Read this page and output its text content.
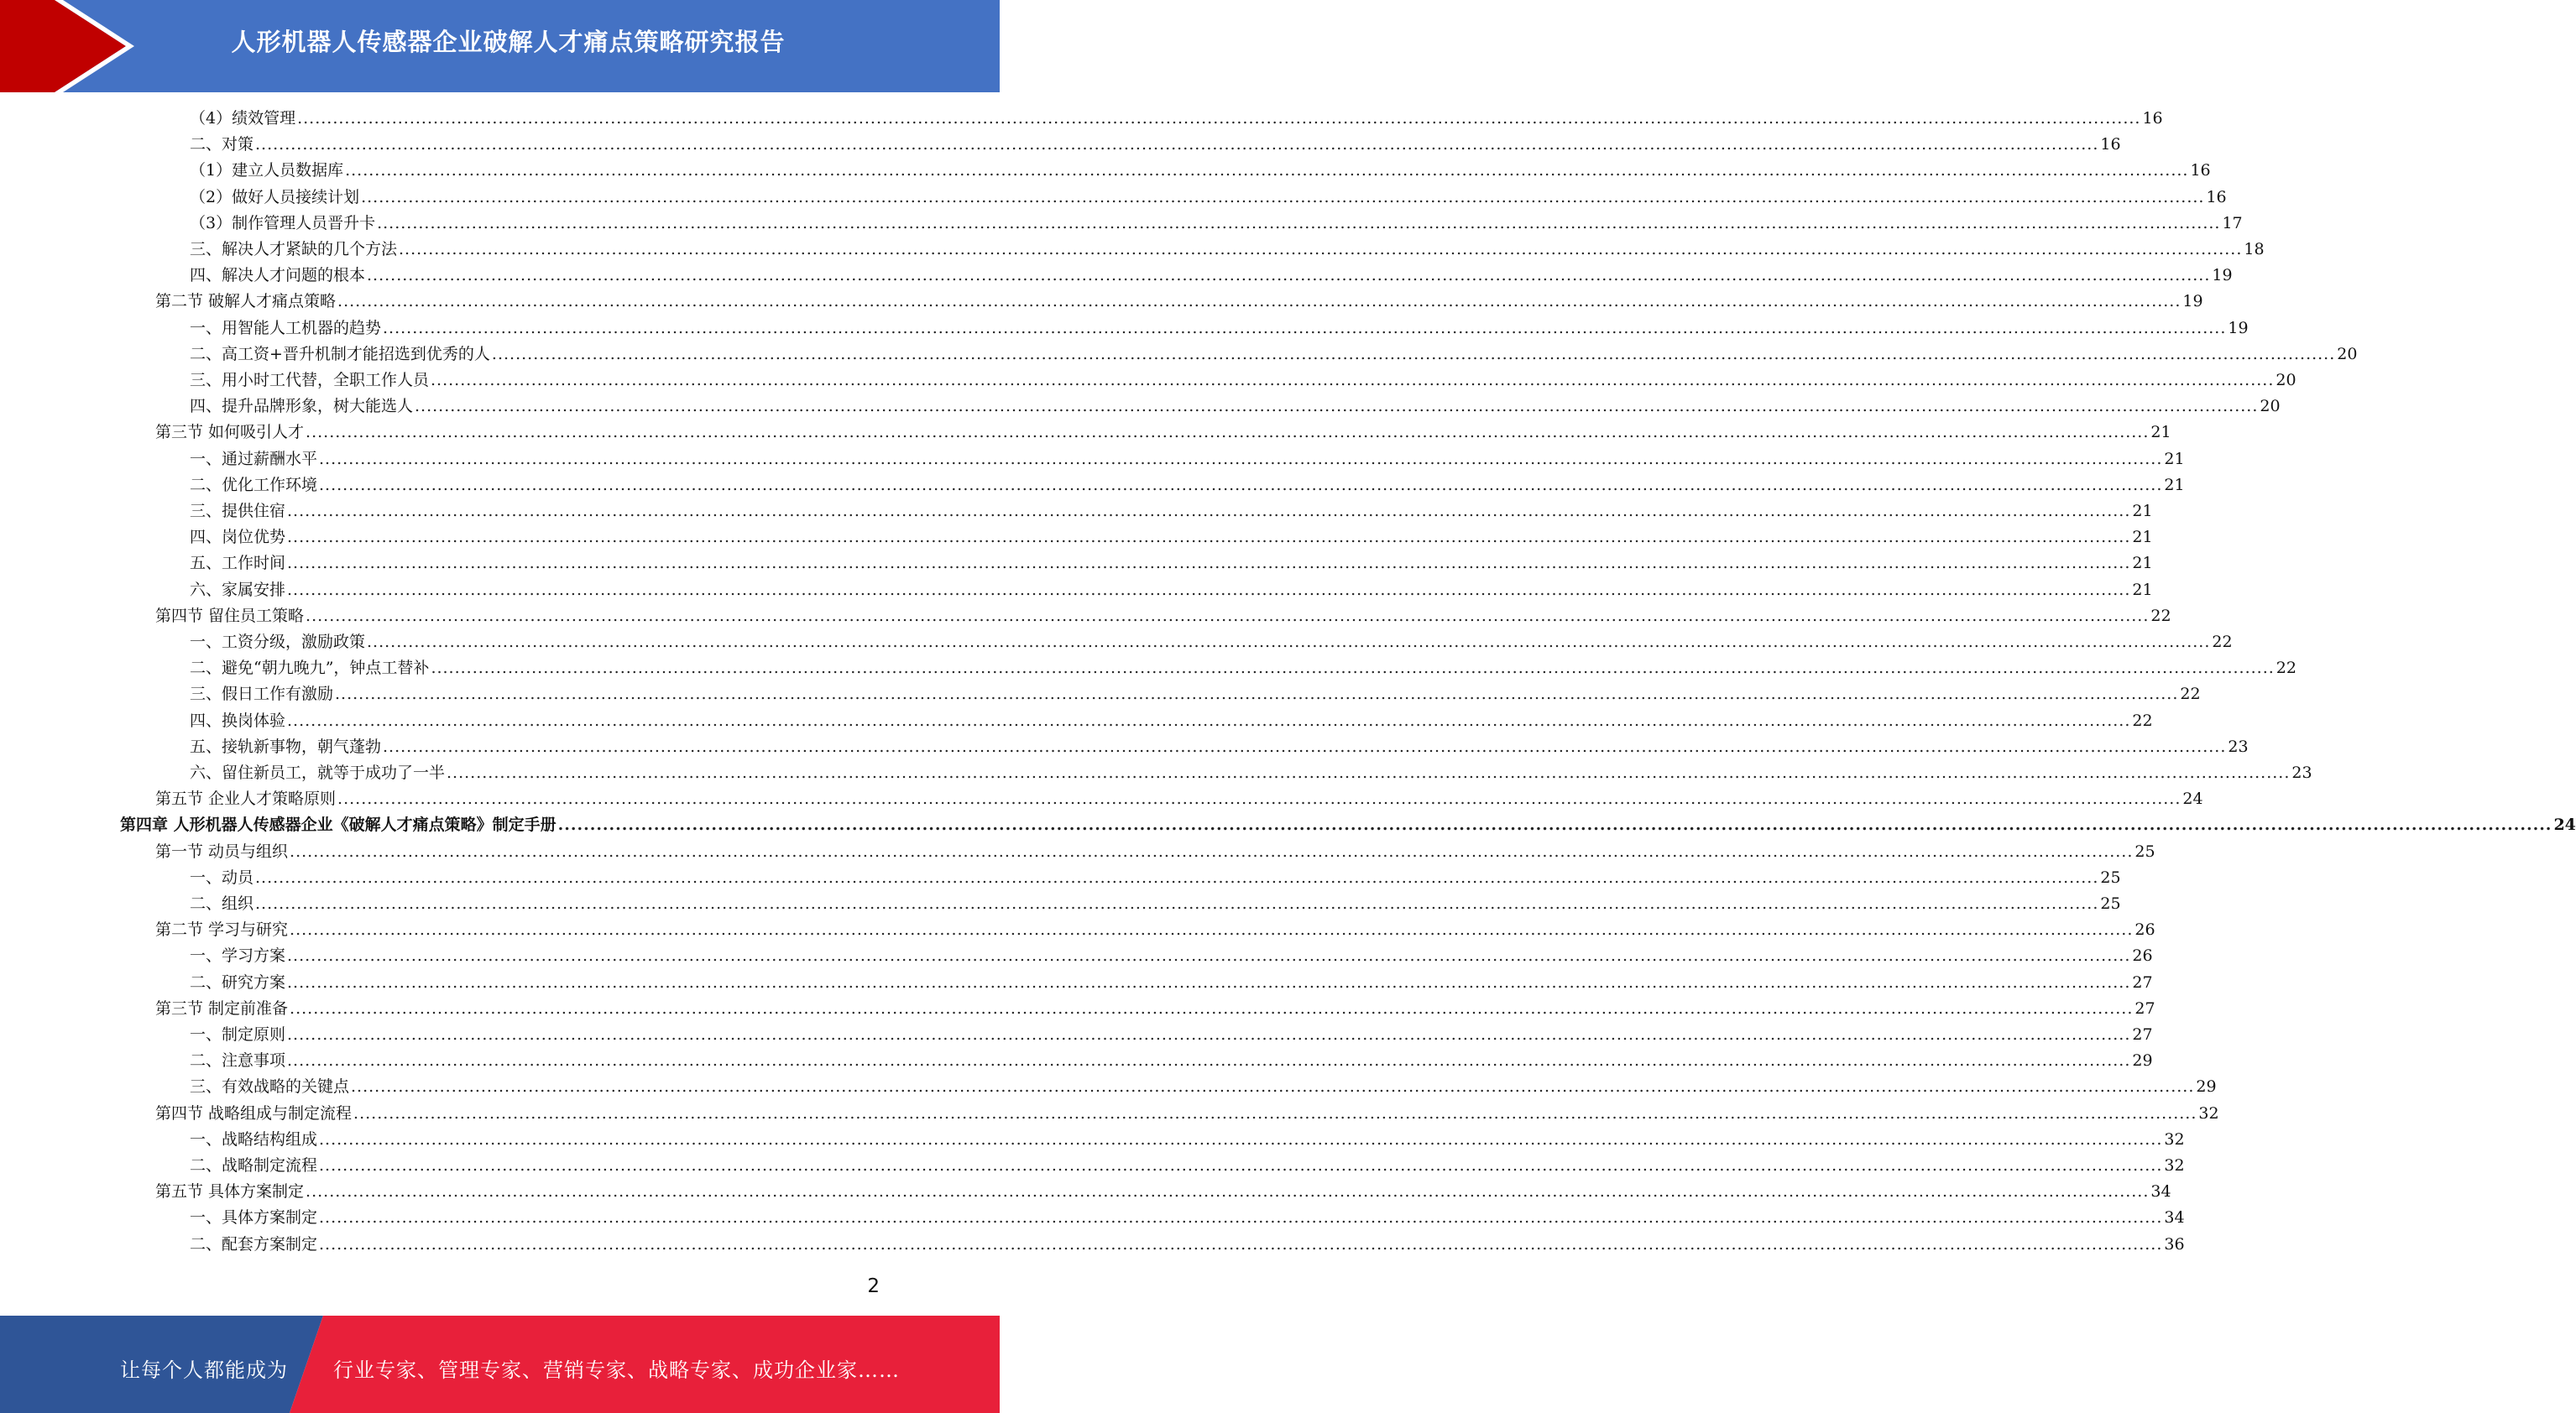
人形机器人传感器企业破解人才痛点策略研究报告
（4）绩效管理 .....	16
二、对策 .....	16
（1）建立人员数据库 .....	16
（2）做好人员接续计划 .....	16
（3）制作管理人员晋升卡 .....	17
三、解决人才紧缺的几个方法 .....	18
四、解决人才问题的根本 .....	19
第二节 破解人才痛点策略 .....	19
一、用智能人工机器的趋势 .....	19
二、高工资+晋升机制才能招选到优秀的人 .....	20
三、用小时工代替，全职工作人员 .....	20
四、提升品牌形象，树大能选人 .....	20
第三节 如何吸引人才 .....	21
一、通过薪酬水平 .....	21
二、优化工作环境 .....	21
三、提供住宿 .....	21
四、岗位优势 .....	21
五、工作时间 .....	21
六、家属安排 .....	21
第四节 留住员工策略 .....	22
一、工资分级，激励政策 .....	22
二、避免“朝九晚九”，钟点工替补 .....	22
三、假日工作有激励 .....	22
四、换岗体验 .....	22
五、接轨新事物，朝气蓬勃 .....	23
六、留住新员工，就等于成功了一半 .....	23
第五节 企业人才策略原则 .....	24
第四章 人形机器人传感器企业《破解人才痛点策略》制定手册 .....	24
第一节 动员与组织 .....	25
一、动员 .....	25
二、组织 .....	25
第二节 学习与研究 .....	26
一、学习方案 .....	26
二、研究方案 .....	27
第三节 制定前准备 .....	27
一、制定原则 .....	27
二、注意事项 .....	29
三、有效战略的关键点 .....	29
第四节 战略组成与制定流程 .....	32
一、战略结构组成 .....	32
二、战略制定流程 .....	32
第五节 具体方案制定 .....	34
一、具体方案制定 .....	34
二、配套方案制定 .....	36
2
让每个人都能成为 行业专家、管理专家、营销专家、战略专家、成功企业家……
